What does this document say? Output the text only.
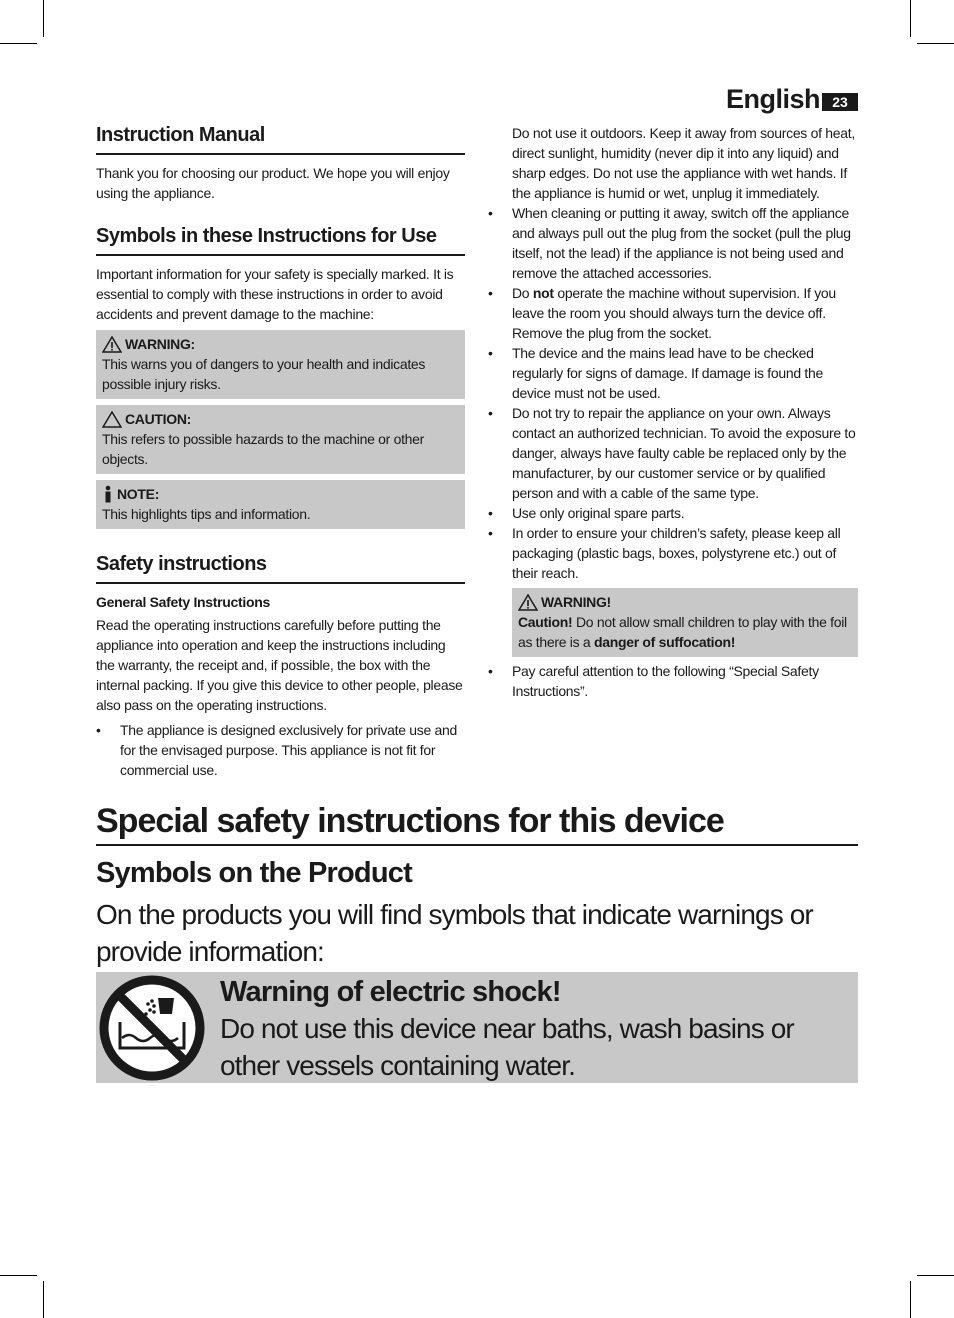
English 23
Instruction Manual

Thank you for choosing our product. We hope you will enjoy using the appliance.

Symbols in these Instructions for Use

Important information for your safety is specially marked. It is essential to comply with these instructions in order to avoid accidents and prevent damage to the machine:

WARNING:

This warns you of dangers to your health and indicates possible injury risks.

CAUTION:

This refers to possible hazards to the machine or other objects.

NOTE:

This highlights tips and information.

Safety instructions

General Safety Instructions

Read the operating instructions carefully before putting the appliance into operation and keep the instructions including the warranty, the receipt and, if possible, the box with the internal packing. If you give this device to other people, please also pass on the operating instructions.

• The appliance is designed exclusively for private use and for the envisaged purpose. This appliance is not fit for commercial use.

Do not use it outdoors. Keep it away from sources of heat, direct sunlight, humidity (never dip it into any liquid) and sharp edges. Do not use the appliance with wet hands. If the appliance is humid or wet, unplug it immediately.

• When cleaning or putting it away, switch off the appliance and always pull out the plug from the socket (pull the plug itself, not the lead) if the appliance is not being used and remove the attached accessories.
• Do not operate the machine without supervision. If you leave the room you should always turn the device off. Remove the plug from the socket.
• The device and the mains lead have to be checked regularly for signs of damage. If damage is found the device must not be used.
• Do not try to repair the appliance on your own. Always contact an authorized technician. To avoid the exposure to danger, always have faulty cable be replaced only by the manufacturer, by our customer service or by qualified person and with a cable of the same type.
• Use only original spare parts.
• In order to ensure your children’s safety, please keep all packaging (plastic bags, boxes, polystyrene etc.) out of their reach.
WARNING!

Caution! Do not allow small children to play with the foil as there is a danger of suffocation!

• Pay careful attention to the following “Special Safety Instructions”.
Special safety instructions for this device
Symbols on the Product
On the products you will find symbols that indicate warnings or provide information:
Warning of electric shock!
Do not use this device near baths, wash basins or other vessels containing water.
